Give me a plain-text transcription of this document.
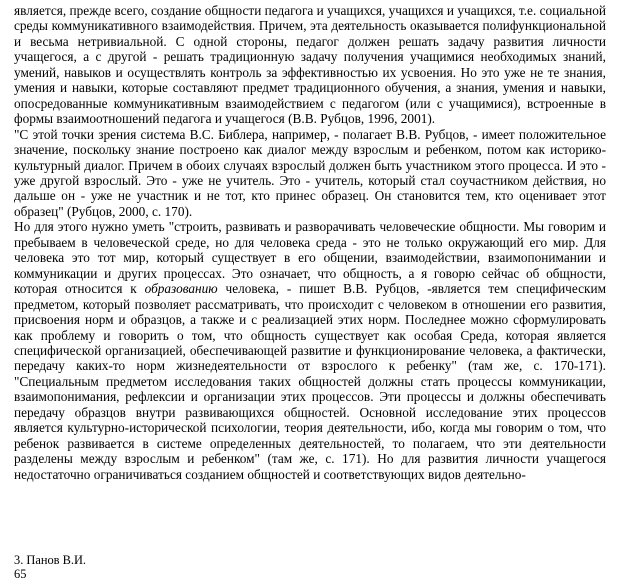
является, прежде всего, создание общности педагога и учащихся, учащихся и учащихся, т.е. социальной среды коммуникативного взаимодействия. Причем, эта деятельность оказывается полифункциональной и весьма нетривиальной. С одной стороны, педагог должен решать задачу развития личности учащегося, а с другой - решать традиционную задачу получения учащимися необходимых знаний, умений, навыков и осуществлять контроль за эффективностью их усвоения. Но это уже не те знания, умения и навыки, которые составляют предмет традиционного обучения, а знания, умения и навыки, опосредованные коммуникативным взаимодействием с педагогом (или с учащимися), встроенные в формы взаимоотношений педагога и учащегося (В.В. Рубцов, 1996, 2001).

"С этой точки зрения система В.С. Библера, например, - полагает В.В. Рубцов, - имеет положительное значение, поскольку знание построено как диалог между взрослым и ребенком, потом как историко-культурный диалог. Причем в обоих случаях взрослый должен быть участником этого процесса. И это - уже другой взрослый. Это - уже не учитель. Это - учитель, который стал соучастником действия, но дальше он - уже не участник и не тот, кто принес образец. Он становится тем, кто оценивает этот образец" (Рубцов, 2000, с. 170).

Но для этого нужно уметь "строить, развивать и разворачивать человеческие общности. Мы говорим и пребываем в человеческой среде, но для человека среда - это не только окружающий его мир. Для человека это тот мир, который существует в его общении, взаимодействии, взаимопонимании и коммуникации и других процессах. Это означает, что общность, а я говорю сейчас об общности, которая относится к образованию человека, - пишет В.В. Рубцов, -является тем специфическим предметом, который позволяет рассматривать, что происходит с человеком в отношении его развития, присвоения норм и образцов, а также и с реализацией этих норм. Последнее можно сформулировать как проблему и говорить о том, что общность существует как особая Среда, которая является специфической организацией, обеспечивающей развитие и функционирование человека, а фактически, передачу каких-то норм жизнедеятельности от взрослого к ребенку" (там же, с. 170-171). "Специальным предметом исследования таких общностей должны стать процессы коммуникации, взаимопонимания, рефлексии и организации этих процессов. Эти процессы и должны обеспечивать передачу образцов внутри развивающихся общностей. Основной исследование этих процессов является культурно-исторической психологии, теория деятельности, ибо, когда мы говорим о том, что ребенок развивается в системе определенных деятельностей, то полагаем, что эти деятельности разделены между взрослым и ребенком" (там же, с. 171). Но для развития личности учащегося недостаточно ограничиваться созданием общностей и соответствующих видов деятельно-

3. Панов В.И.
65
